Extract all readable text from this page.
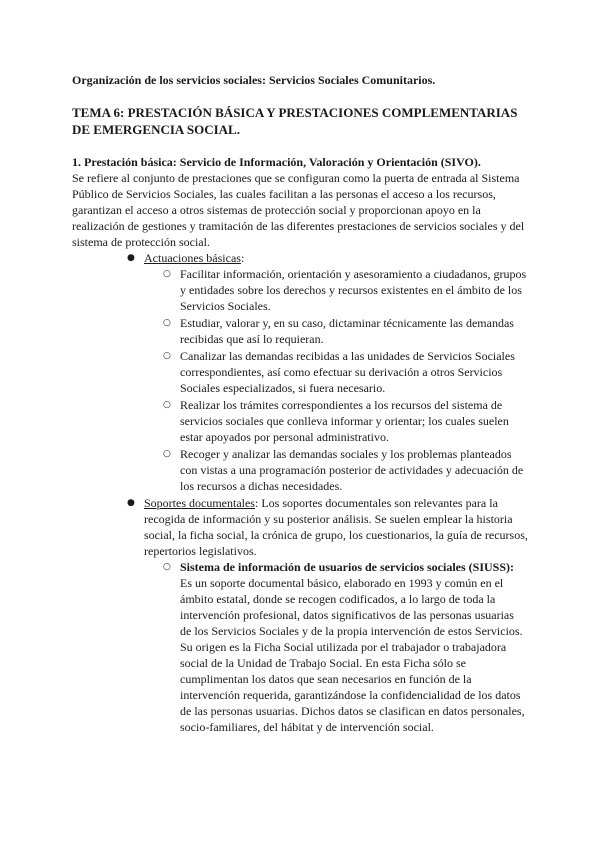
Organización de los servicios sociales: Servicios Sociales Comunitarios.

TEMA 6: PRESTACIÓN BÁSICA Y PRESTACIONES COMPLEMENTARIAS DE EMERGENCIA SOCIAL.

1. Prestación básica: Servicio de Información, Valoración y Orientación (SIVO).

Se refiere al conjunto de prestaciones que se configuran como la puerta de entrada al Sistema Público de Servicios Sociales, las cuales facilitan a las personas el acceso a los recursos, garantizan el acceso a otros sistemas de protección social y proporcionan apoyo en la realización de gestiones y tramitación de las diferentes prestaciones de servicios sociales y del sistema de protección social.

● Actuaciones básicas:
○ Facilitar información, orientación y asesoramiento a ciudadanos, grupos y entidades sobre los derechos y recursos existentes en el ámbito de los Servicios Sociales.
○ Estudiar, valorar y, en su caso, dictaminar técnicamente las demandas recibidas que así lo requieran.
○ Canalizar las demandas recibidas a las unidades de Servicios Sociales correspondientes, así como efectuar su derivación a otros Servicios Sociales especializados, si fuera necesario.
○ Realizar los trámites correspondientes a los recursos del sistema de servicios sociales que conlleva informar y orientar; los cuales suelen estar apoyados por personal administrativo.
○ Recoger y analizar las demandas sociales y los problemas planteados con vistas a una programación posterior de actividades y adecuación de los recursos a dichas necesidades.
● Soportes documentales: Los soportes documentales son relevantes para la recogida de información y su posterior análisis. Se suelen emplear la historia social, la ficha social, la crónica de grupo, los cuestionarios, la guía de recursos, repertorios legislativos.
○ Sistema de información de usuarios de servicios sociales (SIUSS):
Es un soporte documental básico, elaborado en 1993 y común en el ámbito estatal, donde se recogen codificados, a lo largo de toda la intervención profesional, datos significativos de las personas usuarias de los Servicios Sociales y de la propia intervención de estos Servicios. Su origen es la Ficha Social utilizada por el trabajador o trabajadora social de la Unidad de Trabajo Social. En esta Ficha sólo se cumplimentan los datos que sean necesarios en función de la intervención requerida, garantizándose la confidencialidad de los datos de las personas usuarias. Dichos datos se clasifican en datos personales, socio-familiares, del hábitat y de intervención social.
